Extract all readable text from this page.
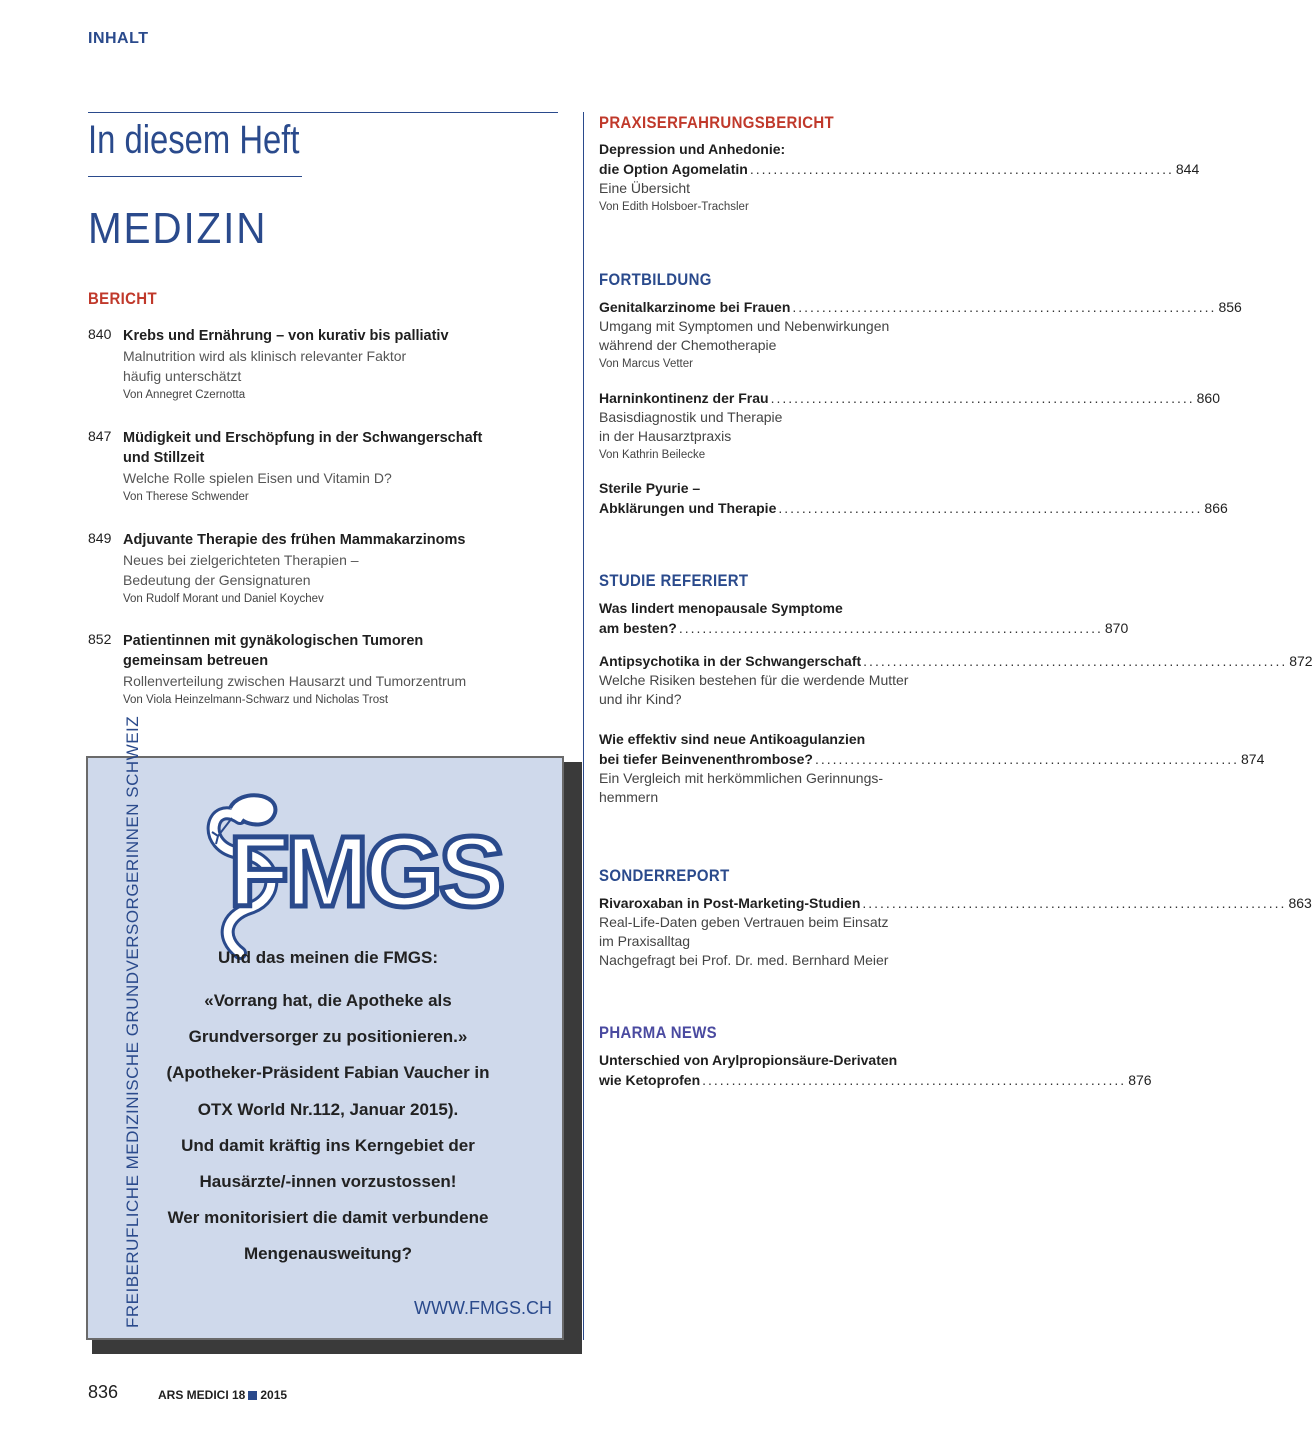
INHALT
In diesem Heft
MEDIZIN
BERICHT
840 Krebs und Ernährung – von kurativ bis palliativ
Malnutrition wird als klinisch relevanter Faktor
häufig unterschätzt
Von Annegret Czernotta
847 Müdigkeit und Erschöpfung in der Schwangerschaft
und Stillzeit
Welche Rolle spielen Eisen und Vitamin D?
Von Therese Schwender
849 Adjuvante Therapie des frühen Mammakarzinoms
Neues bei zielgerichteten Therapien –
Bedeutung der Gensignaturen
Von Rudolf Morant und Daniel Koychev
852 Patientinnen mit gynäkologischen Tumoren
gemeinsam betreuen
Rollenverteilung zwischen Hausarzt und Tumorzentrum
Von Viola Heinzelmann-Schwarz und Nicholas Trost
PRAXISERFAHRUNGSBERICHT
Depression und Anhedonie:
die Option Agomelatin ........................................................................ 844
Eine Übersicht
Von Edith Holsboer-Trachsler
FORTBILDUNG
Genitalkarzinome bei Frauen ........................................................................ 856
Umgang mit Symptomen und Nebenwirkungen
während der Chemotherapie
Von Marcus Vetter
Harninkontinenz der Frau ........................................................................ 860
Basisdiagnostik und Therapie
in der Hausarztpraxis
Von Kathrin Beilecke
Sterile Pyurie –
Abklärungen und Therapie ........................................................................ 866
STUDIE REFERIERT
Was lindert menopausale Symptome
am besten? ........................................................................ 870
Antipsychotika in der Schwangerschaft ........................................................................ 872
Welche Risiken bestehen für die werdende Mutter
und ihr Kind?
Wie effektiv sind neue Antikoagulanzien
bei tiefer Beinvenenthrombose? ........................................................................ 874
Ein Vergleich mit herkömmlichen Gerinnungs-
hemmern
SONDERREPORT
Rivaroxaban in Post-Marketing-Studien ........................................................................ 863
Real-Life-Daten geben Vertrauen beim Einsatz
im Praxisalltag
Nachgefragt bei Prof. Dr. med. Bernhard Meier
PHARMA NEWS
Unterschied von Arylpropionsäure-Derivaten
wie Ketoprofen ........................................................................ 876
FREIBERUFLICHE MEDIZINISCHE GRUNDVERSORGERINNEN SCHWEIZ FMGS
Und das meinen die FMGS:
«Vorrang hat, die Apotheke als
Grundversorger zu positionieren.»
(Apotheker-Präsident Fabian Vaucher in
OTX World Nr.112, Januar 2015).
Und damit kräftig ins Kerngebiet der
Hausärzte/-innen vorzustossen!
Wer monitorisiert die damit verbundene
Mengenausweitung?
WWW.FMGS.CH
836	ARS MEDICI 18 2015
